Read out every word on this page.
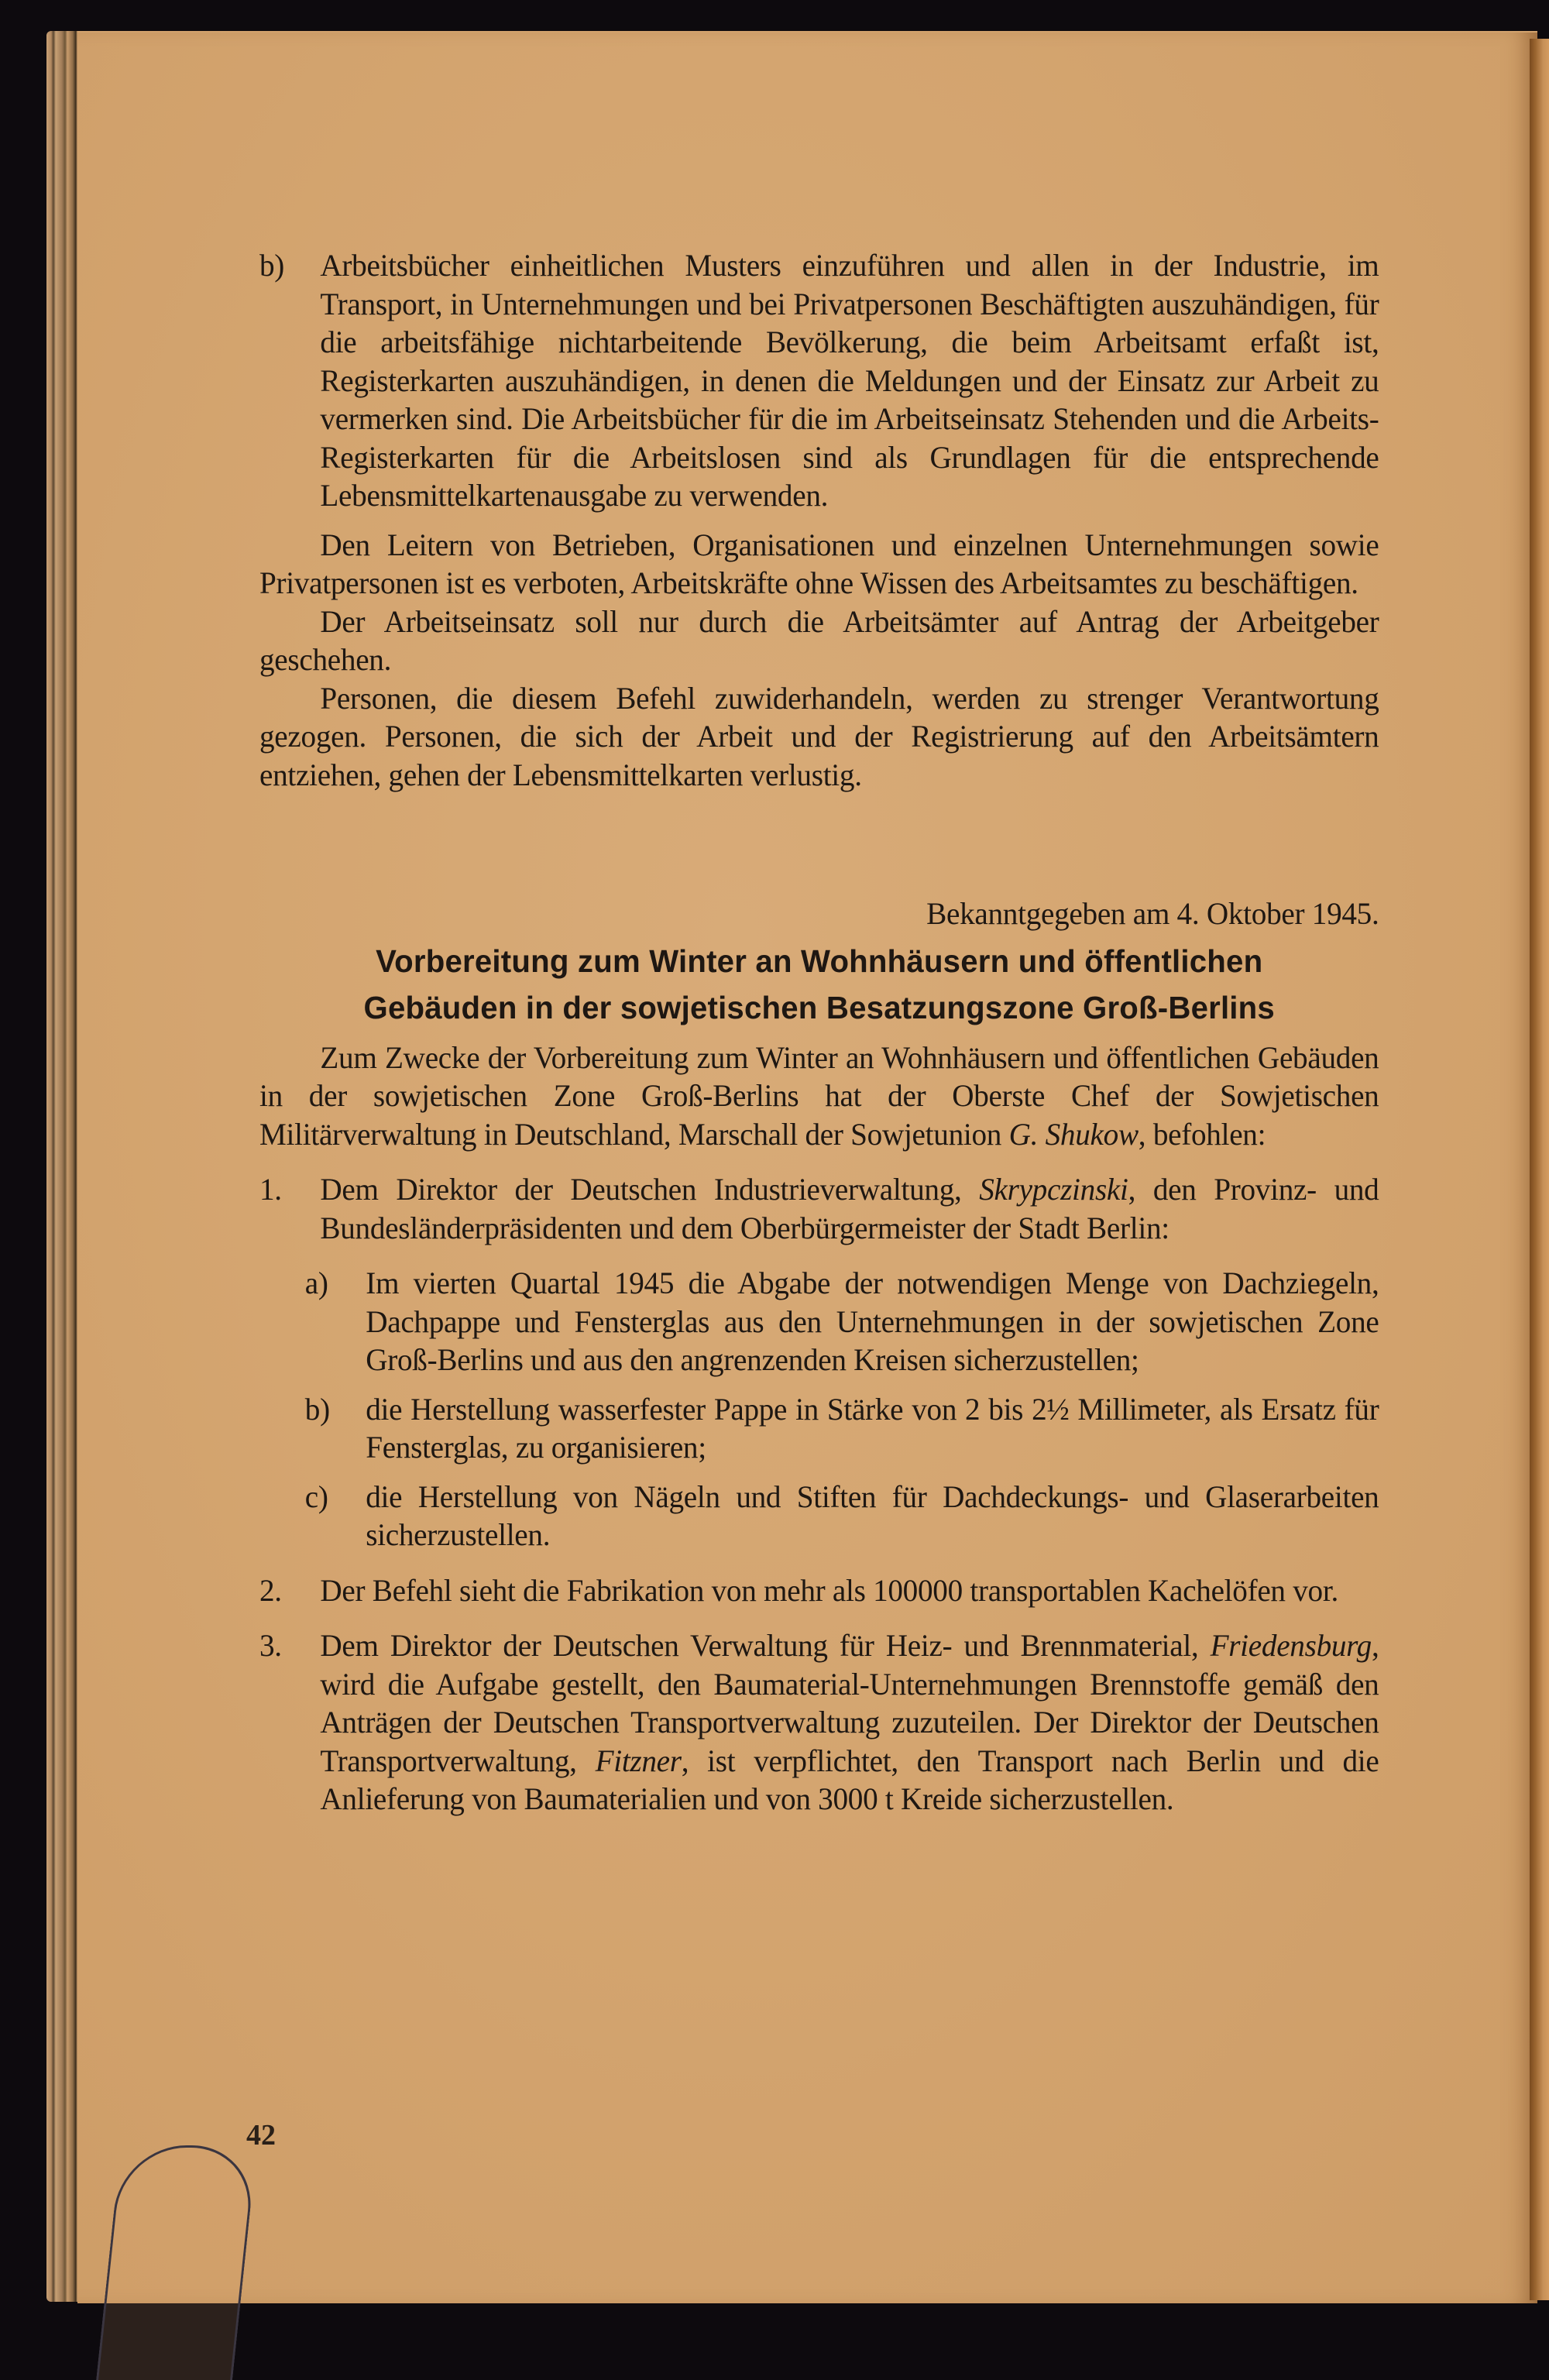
b) Arbeitsbücher einheitlichen Musters einzuführen und allen in der Industrie, im Transport, in Unternehmungen und bei Privatpersonen Beschäftigten auszuhändigen, für die arbeitsfähige nichtarbeitende Bevölkerung, die beim Arbeitsamt erfaßt ist, Registerkarten auszuhändigen, in denen die Meldungen und der Einsatz zur Arbeit zu vermerken sind. Die Arbeitsbücher für die im Arbeitseinsatz Stehenden und die Arbeits-Registerkarten für die Arbeitslosen sind als Grundlagen für die entsprechende Lebensmittelkartenausgabe zu verwenden.

Den Leitern von Betrieben, Organisationen und einzelnen Unternehmungen sowie Privatpersonen ist es verboten, Arbeitskräfte ohne Wissen des Arbeitsamtes zu beschäftigen.

Der Arbeitseinsatz soll nur durch die Arbeitsämter auf Antrag der Arbeitgeber geschehen.

Personen, die diesem Befehl zuwiderhandeln, werden zu strenger Verantwortung gezogen. Personen, die sich der Arbeit und der Registrierung auf den Arbeitsämtern entziehen, gehen der Lebensmittelkarten verlustig.

Bekanntgegeben am 4. Oktober 1945.

Vorbereitung zum Winter an Wohnhäusern und öffentlichen
Gebäuden in der sowjetischen Besatzungszone Groß-Berlins

Zum Zwecke der Vorbereitung zum Winter an Wohnhäusern und öffentlichen Gebäuden in der sowjetischen Zone Groß-Berlins hat der Oberste Chef der Sowjetischen Militärverwaltung in Deutschland, Marschall der Sowjetunion G. Shukow, befohlen:

1. Dem Direktor der Deutschen Industrieverwaltung, Skrypczinski, den Provinz- und Bundesländerpräsidenten und dem Oberbürgermeister der Stadt Berlin:
a) Im vierten Quartal 1945 die Abgabe der notwendigen Menge von Dachziegeln, Dachpappe und Fensterglas aus den Unternehmungen in der sowjetischen Zone Groß-Berlins und aus den angrenzenden Kreisen sicherzustellen;
b) die Herstellung wasserfester Pappe in Stärke von 2 bis 2½ Millimeter, als Ersatz für Fensterglas, zu organisieren;
c) die Herstellung von Nägeln und Stiften für Dachdeckungs- und Glaserarbeiten sicherzustellen.
2. Der Befehl sieht die Fabrikation von mehr als 100000 transportablen Kachelöfen vor.
3. Dem Direktor der Deutschen Verwaltung für Heiz- und Brennmaterial, Friedensburg, wird die Aufgabe gestellt, den Baumaterial-Unternehmungen Brennstoffe gemäß den Anträgen der Deutschen Transportverwaltung zuzuteilen. Der Direktor der Deutschen Transportverwaltung, Fitzner, ist verpflichtet, den Transport nach Berlin und die Anlieferung von Baumaterialien und von 3000 t Kreide sicherzustellen.
42
